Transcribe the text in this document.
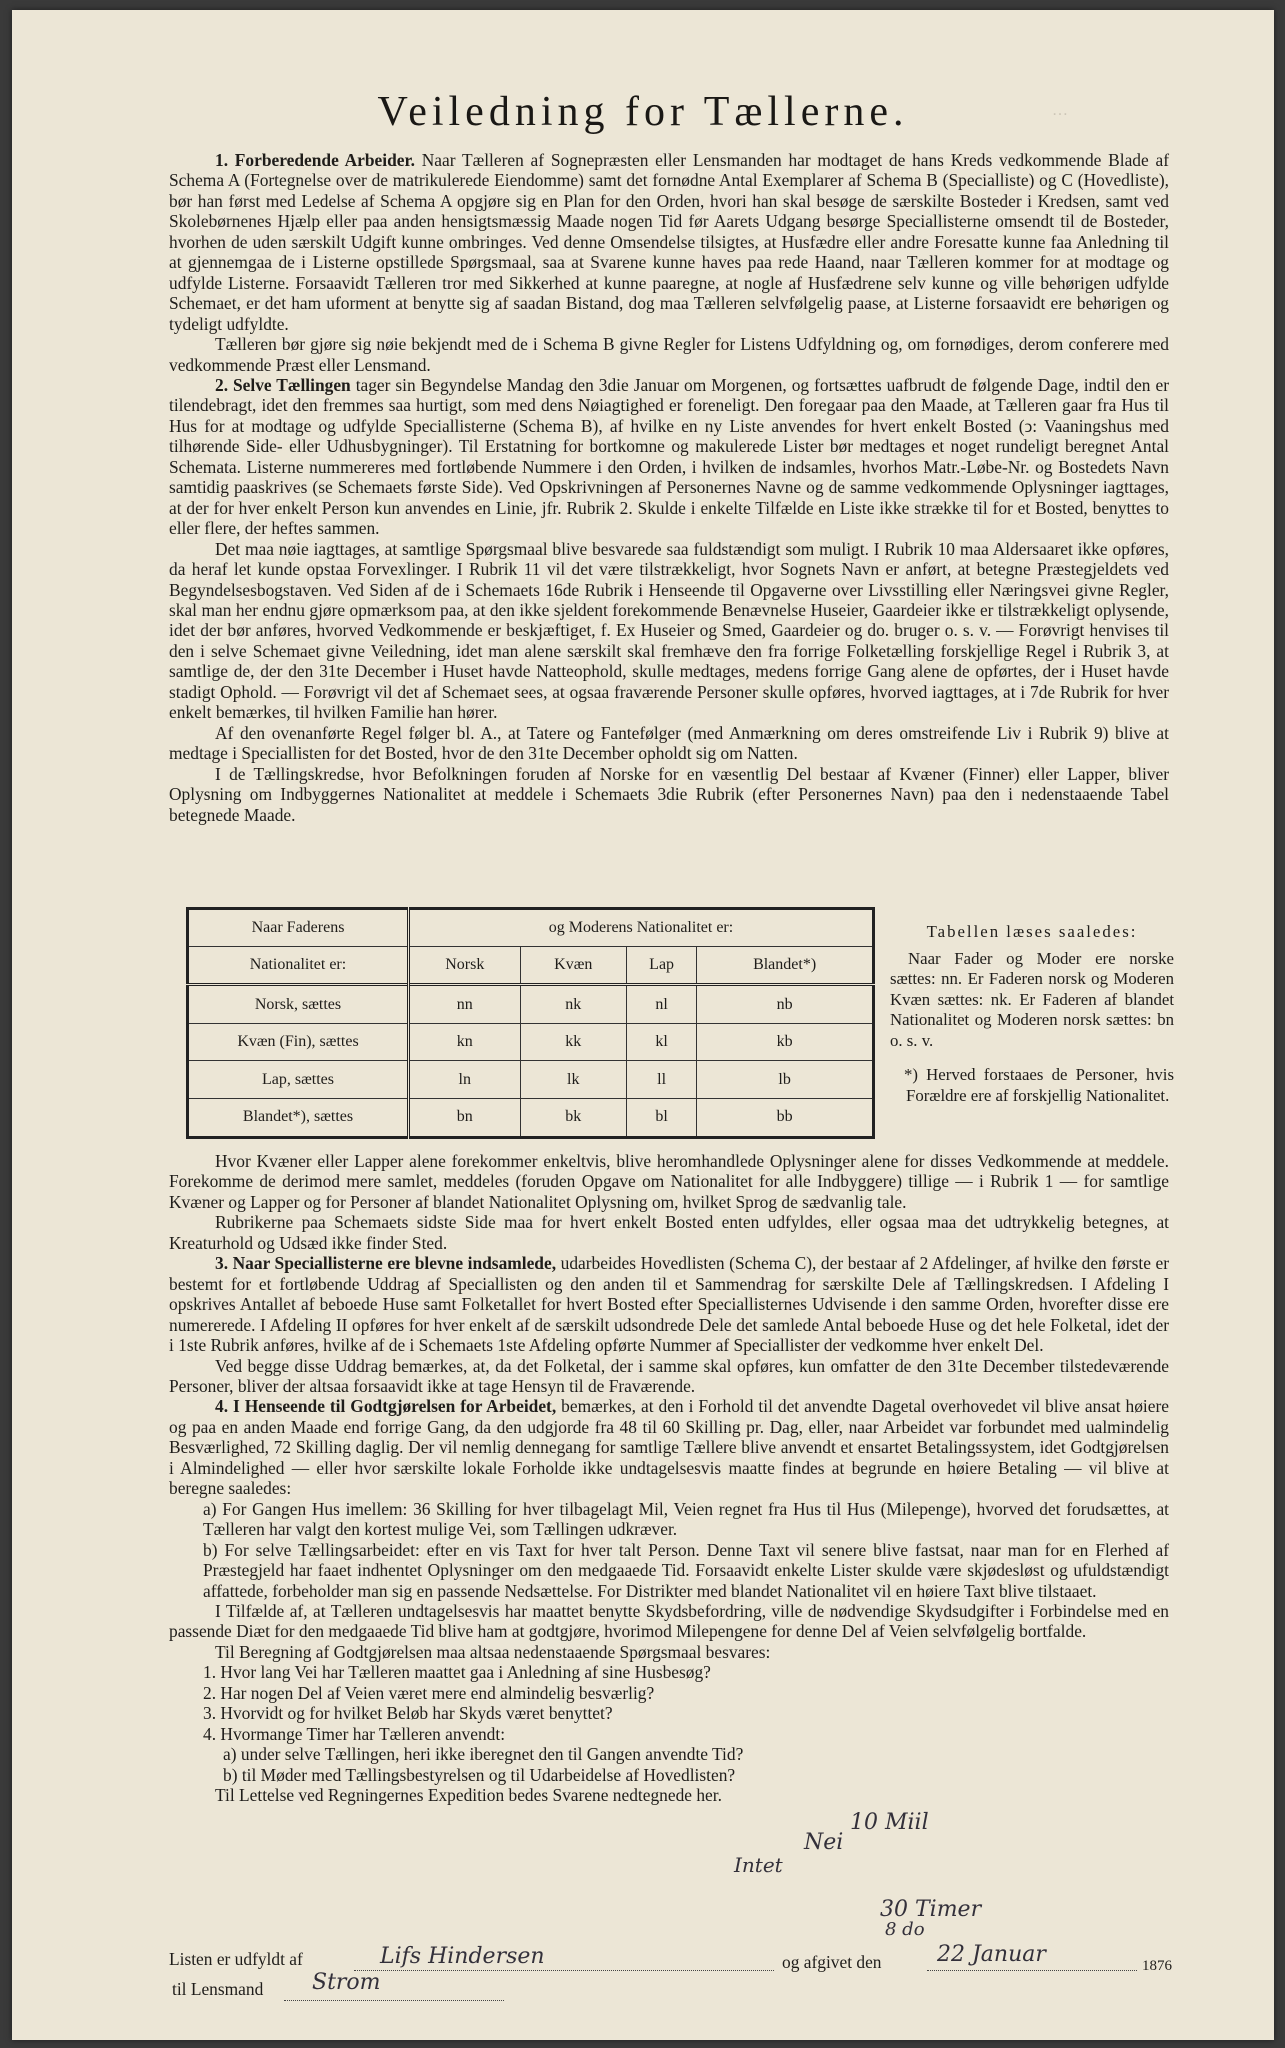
…
Veiledning for Tællerne.

1. Forberedende Arbeider. Naar Tælleren af Sognepræsten eller Lensmanden har modtaget de hans Kreds vedkommende Blade af Schema A (Fortegnelse over de matrikulerede Eiendomme) samt det fornødne Antal Exemplarer af Schema B (Specialliste) og C (Hovedliste), bør han først med Ledelse af Schema A opgjøre sig en Plan for den Orden, hvori han skal besøge de særskilte Bosteder i Kredsen, samt ved Skolebørnenes Hjælp eller paa anden hensigtsmæssig Maade nogen Tid før Aarets Udgang besørge Speciallisterne omsendt til de Bosteder, hvorhen de uden særskilt Udgift kunne ombringes. Ved denne Omsendelse tilsigtes, at Husfædre eller andre Foresatte kunne faa Anledning til at gjennemgaa de i Listerne opstillede Spørgsmaal, saa at Svarene kunne haves paa rede Haand, naar Tælleren kommer for at modtage og udfylde Listerne. Forsaavidt Tælleren tror med Sikkerhed at kunne paaregne, at nogle af Husfædrene selv kunne og ville behørigen udfylde Schemaet, er det ham uforment at benytte sig af saadan Bistand, dog maa Tælleren selvfølgelig paase, at Listerne forsaavidt ere behørigen og tydeligt udfyldte.

Tælleren bør gjøre sig nøie bekjendt med de i Schema B givne Regler for Listens Udfyldning og, om fornødiges, derom conferere med vedkommende Præst eller Lensmand.

2. Selve Tællingen tager sin Begyndelse Mandag den 3die Januar om Morgenen, og fortsættes uafbrudt de følgende Dage, indtil den er tilendebragt, idet den fremmes saa hurtigt, som med dens Nøiagtighed er foreneligt. Den foregaar paa den Maade, at Tælleren gaar fra Hus til Hus for at modtage og udfylde Speciallisterne (Schema B), af hvilke en ny Liste anvendes for hvert enkelt Bosted (ↄ: Vaaningshus med tilhørende Side- eller Udhusbygninger). Til Erstatning for bortkomne og makulerede Lister bør medtages et noget rundeligt beregnet Antal Schemata. Listerne nummereres med fortløbende Nummere i den Orden, i hvilken de indsamles, hvorhos Matr.-Løbe-Nr. og Bostedets Navn samtidig paaskrives (se Schemaets første Side). Ved Opskrivningen af Personernes Navne og de samme vedkommende Oplysninger iagttages, at der for hver enkelt Person kun anvendes en Linie, jfr. Rubrik 2. Skulde i enkelte Tilfælde en Liste ikke strække til for et Bosted, benyttes to eller flere, der heftes sammen.

Det maa nøie iagttages, at samtlige Spørgsmaal blive besvarede saa fuldstændigt som muligt. I Rubrik 10 maa Aldersaaret ikke opføres, da heraf let kunde opstaa Forvexlinger. I Rubrik 11 vil det være tilstrækkeligt, hvor Sognets Navn er anført, at betegne Præstegjeldets ved Begyndelsesbogstaven. Ved Siden af de i Schemaets 16de Rubrik i Henseende til Opgaverne over Livsstilling eller Næringsvei givne Regler, skal man her endnu gjøre opmærksom paa, at den ikke sjeldent forekommende Benævnelse Huseier, Gaardeier ikke er tilstrækkeligt oplysende, idet der bør anføres, hvorved Vedkommende er beskjæftiget, f. Ex Huseier og Smed, Gaardeier og do. bruger o. s. v. — Forøvrigt henvises til den i selve Schemaet givne Veiledning, idet man alene særskilt skal fremhæve den fra forrige Folketælling forskjellige Regel i Rubrik 3, at samtlige de, der den 31te December i Huset havde Natteophold, skulle medtages, medens forrige Gang alene de opførtes, der i Huset havde stadigt Ophold. — Forøvrigt vil det af Schemaet sees, at ogsaa fraværende Personer skulle opføres, hvorved iagttages, at i 7de Rubrik for hver enkelt bemærkes, til hvilken Familie han hører.

Af den ovenanførte Regel følger bl. A., at Tatere og Fantefølger (med Anmærkning om deres omstreifende Liv i Rubrik 9) blive at medtage i Speciallisten for det Bosted, hvor de den 31te December opholdt sig om Natten.

I de Tællingskredse, hvor Befolkningen foruden af Norske for en væsentlig Del bestaar af Kvæner (Finner) eller Lapper, bliver Oplysning om Indbyggernes Nationalitet at meddele i Schemaets 3die Rubrik (efter Personernes Navn) paa den i nedenstaaende Tabel betegnede Maade.

Naar Faderens	og Moderens Nationalitet er:			
Nationalitet er:	Norsk	Kvæn	Lap	Blandet*)
Norsk, sættes	nn	nk	nl	nb
Kvæn (Fin), sættes	kn	kk	kl	kb
Lap, sættes	ln	lk	ll	lb
Blandet*), sættes	bn	bk	bl	bb
Tabellen læses saaledes:
Naar Fader og Moder ere norske sættes: nn. Er Faderen norsk og Moderen Kvæn sættes: nk. Er Faderen af blandet Nationalitet og Moderen norsk sættes: bn o. s. v.
*) Herved forstaaes de Personer, hvis Forældre ere af forskjellig Nationalitet.

Hvor Kvæner eller Lapper alene forekommer enkeltvis, blive heromhandlede Oplysninger alene for disses Vedkommende at meddele. Forekomme de derimod mere samlet, meddeles (foruden Opgave om Nationalitet for alle Indbyggere) tillige — i Rubrik 1 — for samtlige Kvæner og Lapper og for Personer af blandet Nationalitet Oplysning om, hvilket Sprog de sædvanlig tale.

Rubrikerne paa Schemaets sidste Side maa for hvert enkelt Bosted enten udfyldes, eller ogsaa maa det udtrykkelig betegnes, at Kreaturhold og Udsæd ikke finder Sted.

3. Naar Speciallisterne ere blevne indsamlede, udarbeides Hovedlisten (Schema C), der bestaar af 2 Afdelinger, af hvilke den første er bestemt for et fortløbende Uddrag af Speciallisten og den anden til et Sammendrag for særskilte Dele af Tællingskredsen. I Afdeling I opskrives Antallet af beboede Huse samt Folketallet for hvert Bosted efter Speciallisternes Udvisende i den samme Orden, hvorefter disse ere numererede. I Afdeling II opføres for hver enkelt af de særskilt udsondrede Dele det samlede Antal beboede Huse og det hele Folketal, idet der i 1ste Rubrik anføres, hvilke af de i Schemaets 1ste Afdeling opførte Nummer af Speciallister der vedkomme hver enkelt Del.

Ved begge disse Uddrag bemærkes, at, da det Folketal, der i samme skal opføres, kun omfatter de den 31te December tilstedeværende Personer, bliver der altsaa forsaavidt ikke at tage Hensyn til de Fraværende.

4. I Henseende til Godtgjørelsen for Arbeidet, bemærkes, at den i Forhold til det anvendte Dagetal overhovedet vil blive ansat høiere og paa en anden Maade end forrige Gang, da den udgjorde fra 48 til 60 Skilling pr. Dag, eller, naar Arbeidet var forbundet med ualmindelig Besværlighed, 72 Skilling daglig. Der vil nemlig dennegang for samtlige Tællere blive anvendt et ensartet Betalingssystem, idet Godtgjørelsen i Almindelighed — eller hvor særskilte lokale Forholde ikke undtagelsesvis maatte findes at begrunde en høiere Betaling — vil blive at beregne saaledes:

a) For Gangen Hus imellem: 36 Skilling for hver tilbagelagt Mil, Veien regnet fra Hus til Hus (Milepenge), hvorved det forudsættes, at Tælleren har valgt den kortest mulige Vei, som Tællingen udkræver.

b) For selve Tællingsarbeidet: efter en vis Taxt for hver talt Person. Denne Taxt vil senere blive fastsat, naar man for en Flerhed af Præstegjeld har faaet indhentet Oplysninger om den medgaaede Tid. Forsaavidt enkelte Lister skulde være skjødesløst og ufuldstændigt affattede, forbeholder man sig en passende Nedsættelse. For Distrikter med blandet Nationalitet vil en høiere Taxt blive tilstaaet.

I Tilfælde af, at Tælleren undtagelsesvis har maattet benytte Skydsbefordring, ville de nødvendige Skydsudgifter i Forbindelse med en passende Diæt for den medgaaede Tid blive ham at godtgjøre, hvorimod Milepengene for denne Del af Veien selvfølgelig bortfalde.

Til Beregning af Godtgjørelsen maa altsaa nedenstaaende Spørgsmaal besvares:

1. Hvor lang Vei har Tælleren maattet gaa i Anledning af sine Husbesøg?

2. Har nogen Del af Veien været mere end almindelig besværlig?

3. Hvorvidt og for hvilket Beløb har Skyds været benyttet?

4. Hvormange Timer har Tælleren anvendt:

a) under selve Tællingen, heri ikke iberegnet den til Gangen anvendte Tid?

b) til Møder med Tællingsbestyrelsen og til Udarbeidelse af Hovedlisten?

Til Lettelse ved Regningernes Expedition bedes Svarene nedtegnede her.

10 Miil
Nei
Intet
30 Timer
8 do
Listen er udfyldt af	Lifs Hindersen	og afgivet den	22 Januar	1876
til Lensmand Strom
